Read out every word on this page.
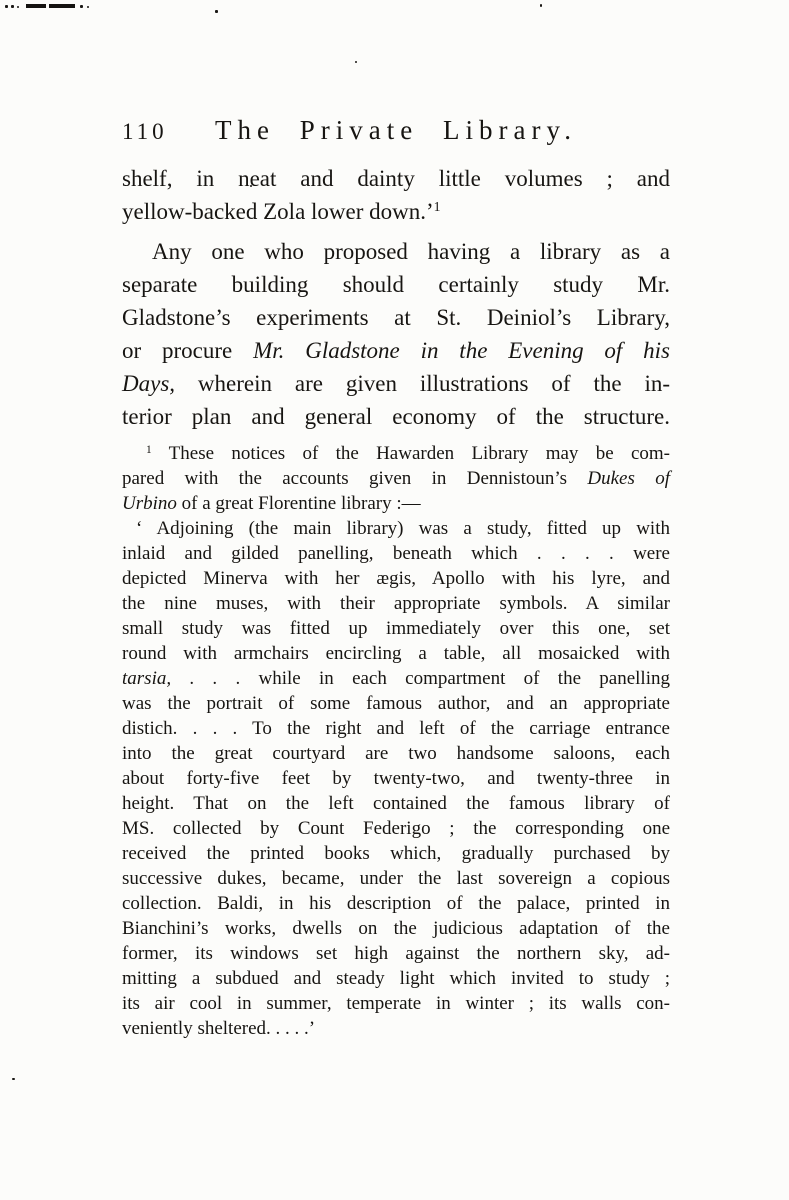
110	The Private Library.
shelf, in neat and dainty little volumes ; and
yellow-backed Zola lower down.’$^1$
Any one who proposed having a library as a
separate building should certainly study Mr.
Gladstone’s experiments at St. Deiniol’s Library,
or procure Mr. Gladstone in the Evening of his
Days, wherein are given illustrations of the in-
terior plan and general economy of the structure.
$^1$ These notices of the Hawarden Library may be com-
pared with the accounts given in Dennistoun’s Dukes of
Urbino of a great Florentine library :—
‘ Adjoining (the main library) was a study, fitted up with
inlaid and gilded panelling, beneath which . . . . were
depicted Minerva with her ægis, Apollo with his lyre, and
the nine muses, with their appropriate symbols. A similar
small study was fitted up immediately over this one, set
round with armchairs encircling a table, all mosaicked with
tarsia, . . . while in each compartment of the panelling
was the portrait of some famous author, and an appropriate
distich. . . . To the right and left of the carriage entrance
into the great courtyard are two handsome saloons, each
about forty-five feet by twenty-two, and twenty-three in
height. That on the left contained the famous library of
MS. collected by Count Federigo ; the corresponding one
received the printed books which, gradually purchased by
successive dukes, became, under the last sovereign a copious
collection. Baldi, in his description of the palace, printed in
Bianchini’s works, dwells on the judicious adaptation of the
former, its windows set high against the northern sky, ad-
mitting a subdued and steady light which invited to study ;
its air cool in summer, temperate in winter ; its walls con-
veniently sheltered. . . . .’
